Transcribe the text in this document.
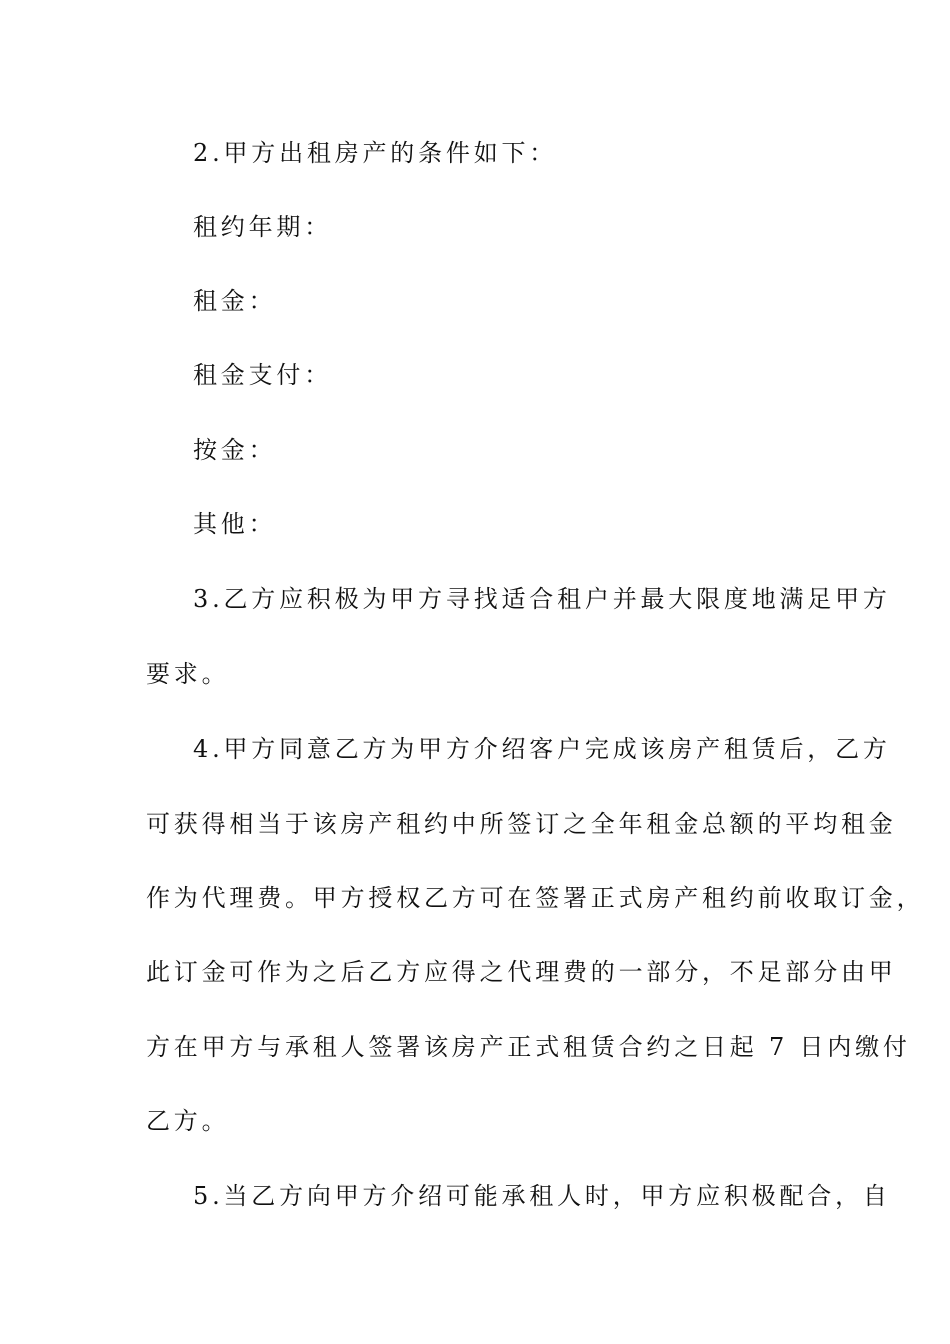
2.甲方出租房产的条件如下：
租约年期：
租金：
租金支付：
按金：
其他：
3.乙方应积极为甲方寻找适合租户并最大限度地满足甲方
要求。
4.甲方同意乙方为甲方介绍客户完成该房产租赁后，乙方
可获得相当于该房产租约中所签订之全年租金总额的平均租金
作为代理费。甲方授权乙方可在签署正式房产租约前收取订金，
此订金可作为之后乙方应得之代理费的一部分，不足部分由甲
方在甲方与承租人签署该房产正式租赁合约之日起 7 日内缴付
乙方。
5.当乙方向甲方介绍可能承租人时，甲方应积极配合，自
